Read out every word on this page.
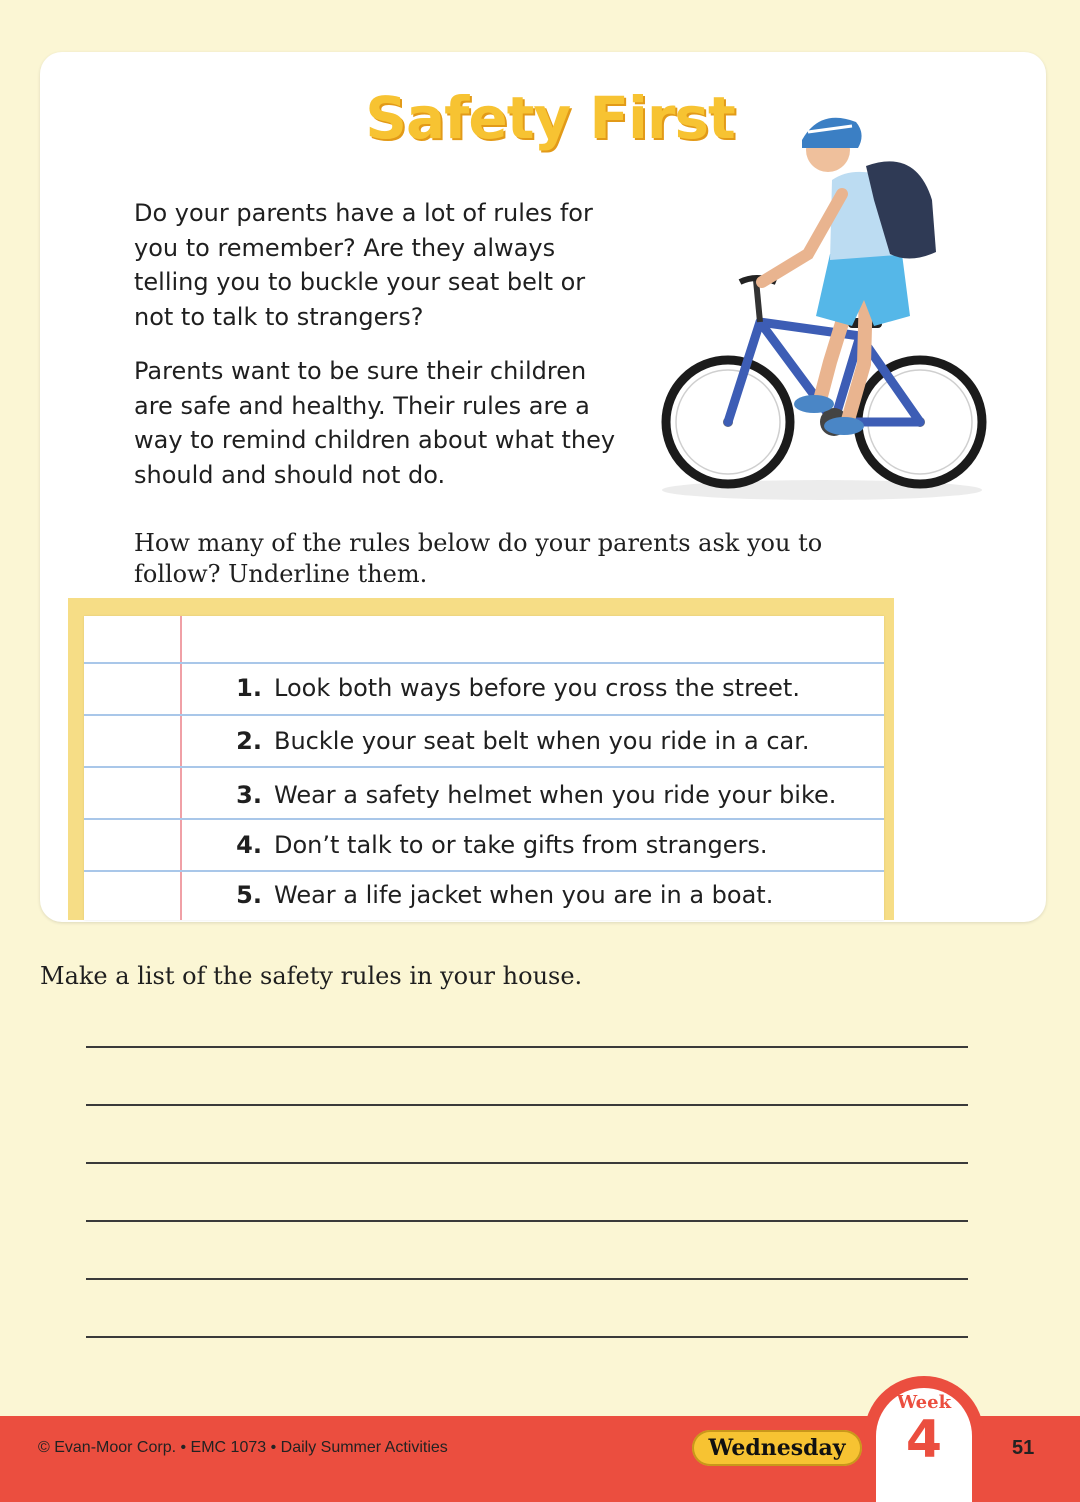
Safety First

Do your parents have a lot of rules for you to remember? Are they always telling you to buckle your seat belt or not to talk to strangers?

Parents want to be sure their children are safe and healthy. Their rules are a way to remind children about what they should and should not do.

How many of the rules below do your parents ask you to follow? Underline them.

1. Look both ways before you cross the street.
2. Buckle your seat belt when you ride in a car.
3. Wear a safety helmet when you ride your bike.
4. Don’t talk to or take gifts from strangers.
5. Wear a life jacket when you are in a boat.

Make a list of the safety rules in your house.

© Evan-Moor Corp. • EMC 1073 • Daily Summer Activities	Wednesday
Week
4	51
